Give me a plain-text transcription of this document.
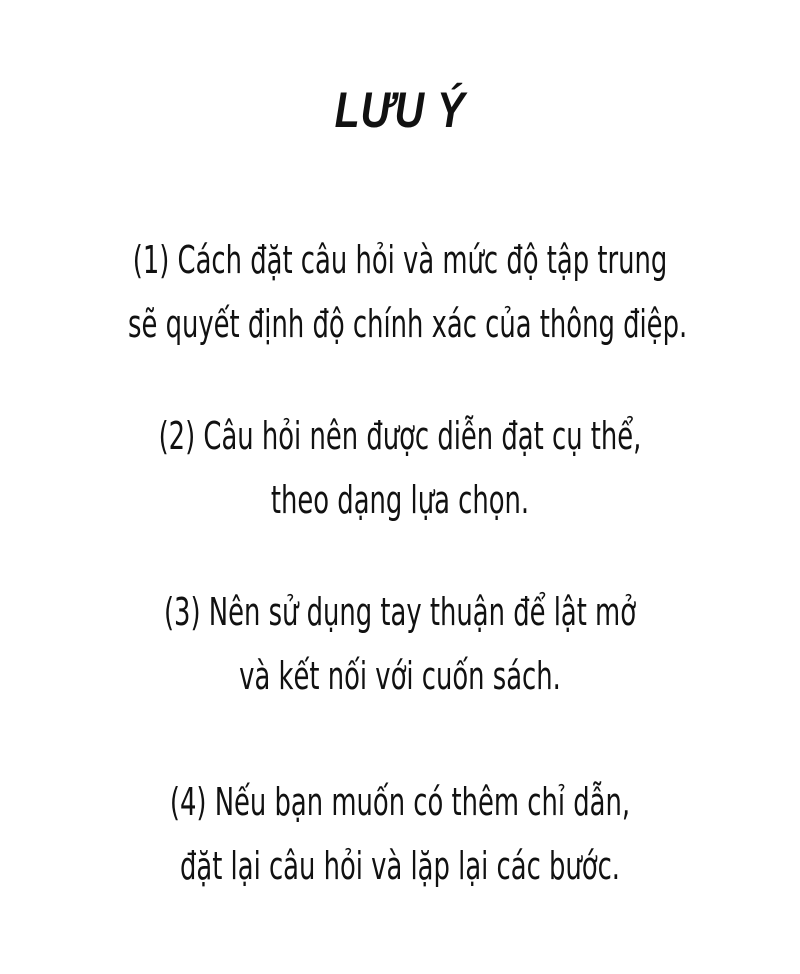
LƯU Ý
(1) Cách đặt câu hỏi và mức độ tập trung
sẽ quyết định độ chính xác của thông điệp.
(2) Câu hỏi nên được diễn đạt cụ thể,
theo dạng lựa chọn.
(3) Nên sử dụng tay thuận để lật mở
và kết nối với cuốn sách.
(4) Nếu bạn muốn có thêm chỉ dẫn,
đặt lại câu hỏi và lặp lại các bước.
